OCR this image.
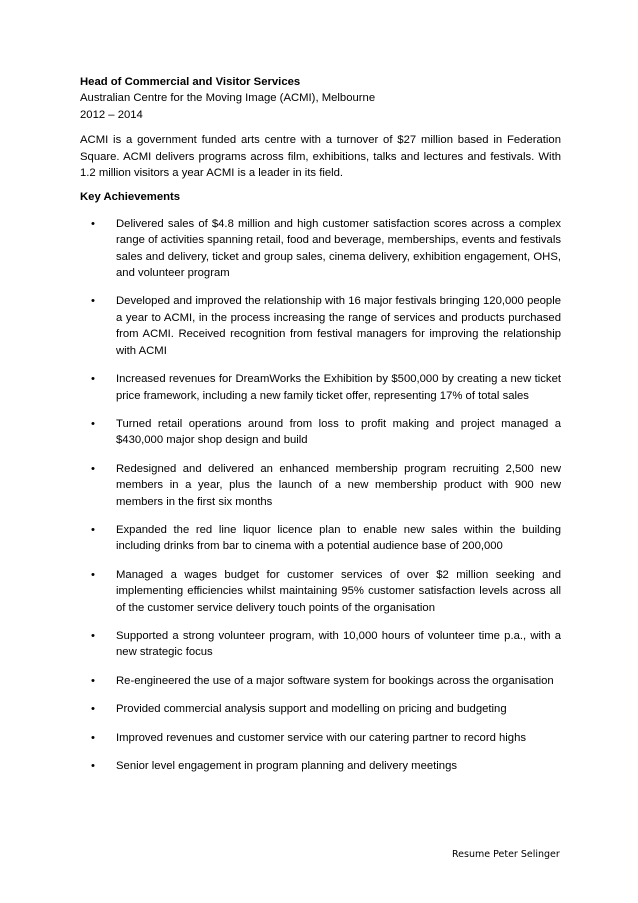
Head of Commercial and Visitor Services

Australian Centre for the Moving Image (ACMI), Melbourne

2012 – 2014

ACMI is a government funded arts centre with a turnover of $27 million based in Federation Square. ACMI delivers programs across film, exhibitions, talks and lectures and festivals. With 1.2 million visitors a year ACMI is a leader in its field.

Key Achievements

•	Delivered sales of $4.8 million and high customer satisfaction scores across a complex range of activities spanning retail, food and beverage, memberships, events and festivals sales and delivery, ticket and group sales, cinema delivery, exhibition engagement, OHS, and volunteer program
•	Developed and improved the relationship with 16 major festivals bringing 120,000 people a year to ACMI, in the process increasing the range of services and products purchased from ACMI. Received recognition from festival managers for improving the relationship with ACMI
•	Increased revenues for DreamWorks the Exhibition by $500,000 by creating a new ticket price framework, including a new family ticket offer, representing 17% of total sales
•	Turned retail operations around from loss to profit making and project managed a $430,000 major shop design and build
•	Redesigned and delivered an enhanced membership program recruiting 2,500 new members in a year, plus the launch of a new membership product with 900 new members in the first six months
•	Expanded the red line liquor licence plan to enable new sales within the building including drinks from bar to cinema with a potential audience base of 200,000
•	Managed a wages budget for customer services of over $2 million seeking and implementing efficiencies whilst maintaining 95% customer satisfaction levels across all of the customer service delivery touch points of the organisation
•	Supported a strong volunteer program, with 10,000 hours of volunteer time p.a., with a new strategic focus
•	Re-engineered the use of a major software system for bookings across the organisation
•	Provided commercial analysis support and modelling on pricing and budgeting
•	Improved revenues and customer service with our catering partner to record highs
•	Senior level engagement in program planning and delivery meetings
Resume Peter Selinger
